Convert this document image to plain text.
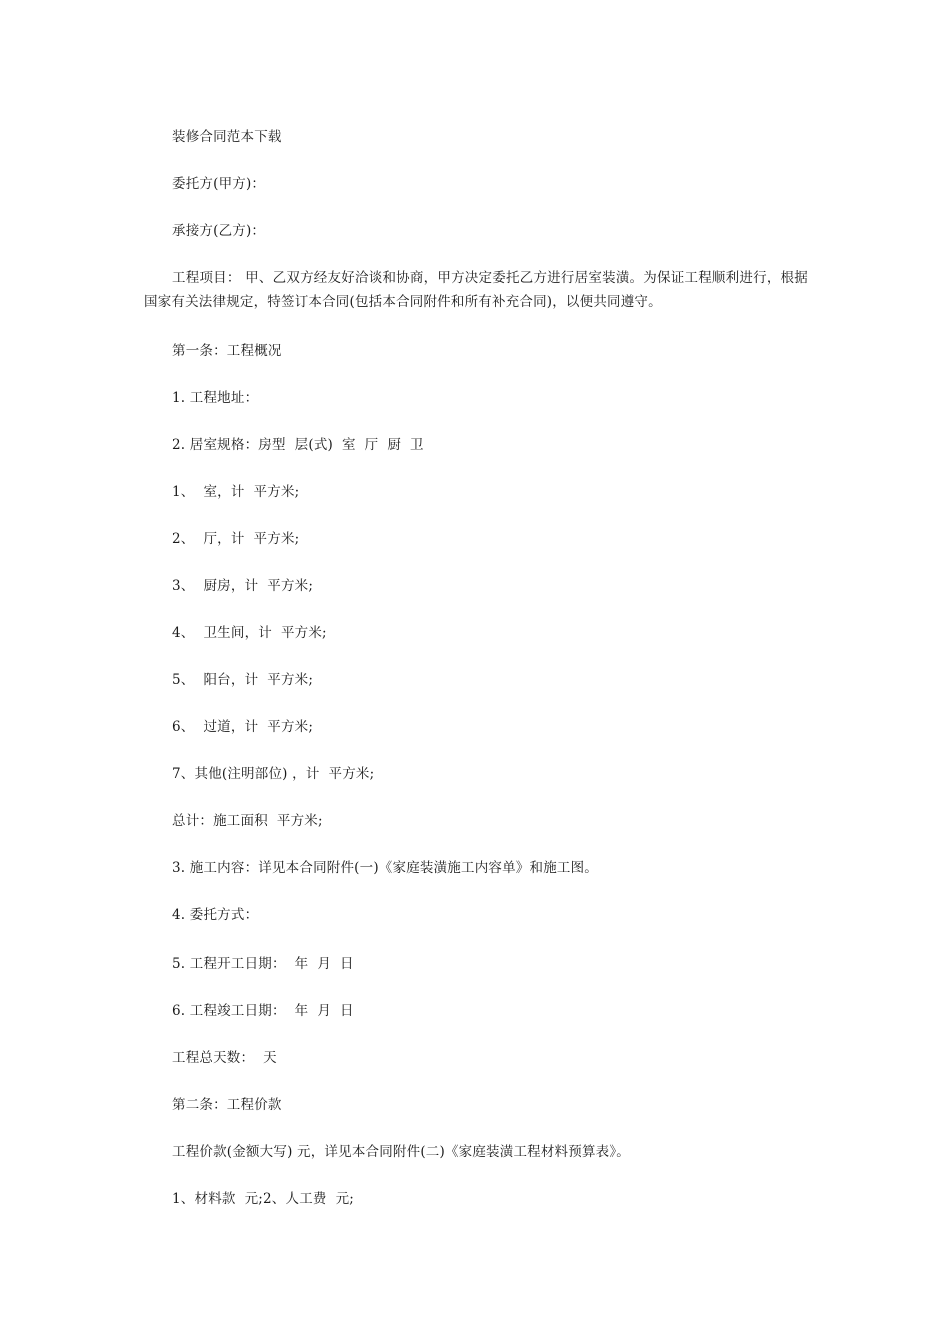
装修合同范本下载
委托方(甲方)：
承接方(乙方)：
工程项目： 甲、乙双方经友好洽谈和协商，甲方决定委托乙方进行居室装潢。为保证工程顺利进行，根据国家有关法律规定，特签订本合同(包括本合同附件和所有补充合同)，以便共同遵守。
第一条：工程概况
1. 工程地址：
2. 居室规格：房型  层(式)  室  厅  厨  卫
1、  室，计  平方米;
2、  厅，计  平方米;
3、  厨房，计  平方米;
4、  卫生间，计  平方米;
5、  阳台，计  平方米;
6、  过道，计  平方米;
7、其他(注明部位) ，计  平方米;
总计：施工面积  平方米;
3. 施工内容：详见本合同附件(一)《家庭装潢施工内容单》和施工图。
4. 委托方式：
5. 工程开工日期：  年  月  日
6. 工程竣工日期：  年  月  日
工程总天数：  天
第二条：工程价款
工程价款(金额大写) 元，详见本合同附件(二)《家庭装潢工程材料预算表》。
1、材料款  元;2、人工费  元;
